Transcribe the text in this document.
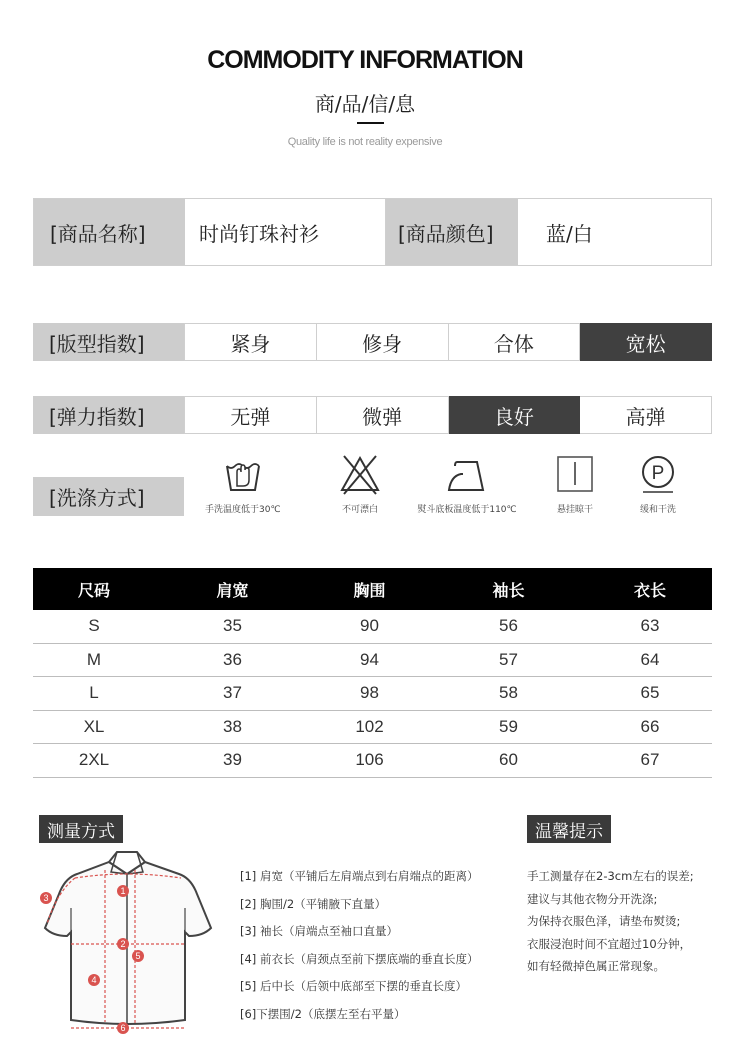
COMMODITY INFORMATION
商/品/信/息
Quality life is not reality expensive
[商品名称]	时尚钉珠衬衫	[商品颜色]	蓝/白
[版型指数]	紧身	修身	合体	宽松
[弹力指数]	无弹	微弹	良好	高弹
[洗涤方式]	手洗温度低于30℃	不可漂白	熨斗底板温度低于110℃	悬挂晾干
P
缓和干洗
尺码	肩宽	胸围	袖长	衣长
S	35	90	56	63
M	36	94	57	64
L	37	98	58	65
XL	38	102	59	66
2XL	39	106	60	67
测量方式
1
2
3
4
5
6
[1] 肩宽（平铺后左肩端点到右肩端点的距离）
[2] 胸围/2（平铺腋下直量）
[3] 袖长（肩端点至袖口直量）
[4] 前衣长（肩颈点至前下摆底端的垂直长度）
[5] 后中长（后领中底部至下摆的垂直长度）
[6]下摆围/2（底摆左至右平量）
温馨提示
手工测量存在2-3cm左右的误差;
建议与其他衣物分开洗涤;
为保持衣服色泽，请垫布熨烫;
衣服浸泡时间不宜超过10分钟，
如有轻微掉色属正常现象。
